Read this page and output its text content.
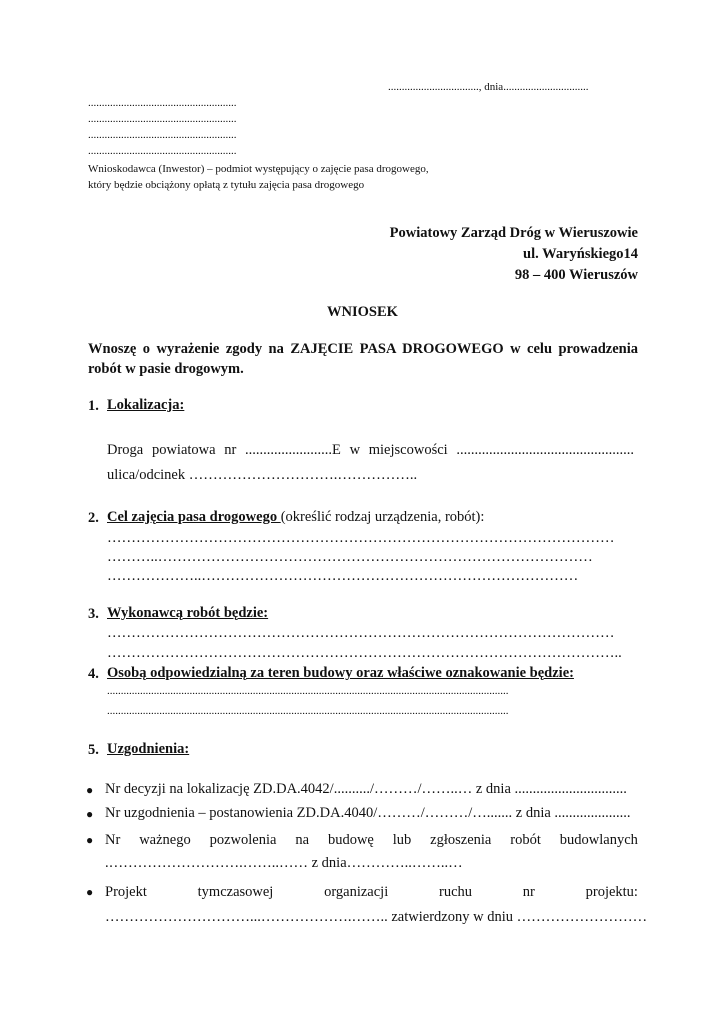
................................., dnia...............................
......................................................
......................................................
......................................................
......................................................
Wnioskodawca (Inwestor) – podmiot występujący o zajęcie pasa drogowego,
który będzie obciążony opłatą z tytułu zajęcia pasa drogowego
Powiatowy Zarząd Dróg w Wieruszowie
ul. Waryńskiego14
98 – 400 Wieruszów
WNIOSEK
Wnoszę o wyrażenie zgody na ZAJĘCIE PASA DROGOWEGO w celu prowadzenia
robót w pasie drogowym.
1. Lokalizacja:
Droga powiatowa nr ........................E w miejscowości .................................................
ulica/odcinek ………………………….……………..
2. Cel zajęcia pasa drogowego (określić rodzaj urządzenia, robót):
……………………………………………………………………………………………
………..………………………………………………………………………………
………………..……………………………………………………………………
3. Wykonawcą robót będzie:
……………………………………………………………………………………………
……………………………………………………………………………………………..
4. Osobą odpowiedzialną za teren budowy oraz właściwe oznakowanie będzie:
..................................................................................................................................................
..................................................................................................................................................
5. Uzgodnienia:
● Nr decyzji na lokalizację ZD.DA.4042/........../………/……..… z dnia ...............................
● Nr uzgodnienia – postanowienia ZD.DA.4040/………/………/…....... z dnia .....................
● Nr ważnego pozwolenia na budowę lub zgłoszenia robót budowlanych
.……………………….……..…… z dnia…………..……..…
● Projekt	tymczasowej	organizacji	ruchu	nr	projektu:
…………………………...……………….…….. zatwierdzony w dniu ………………………
